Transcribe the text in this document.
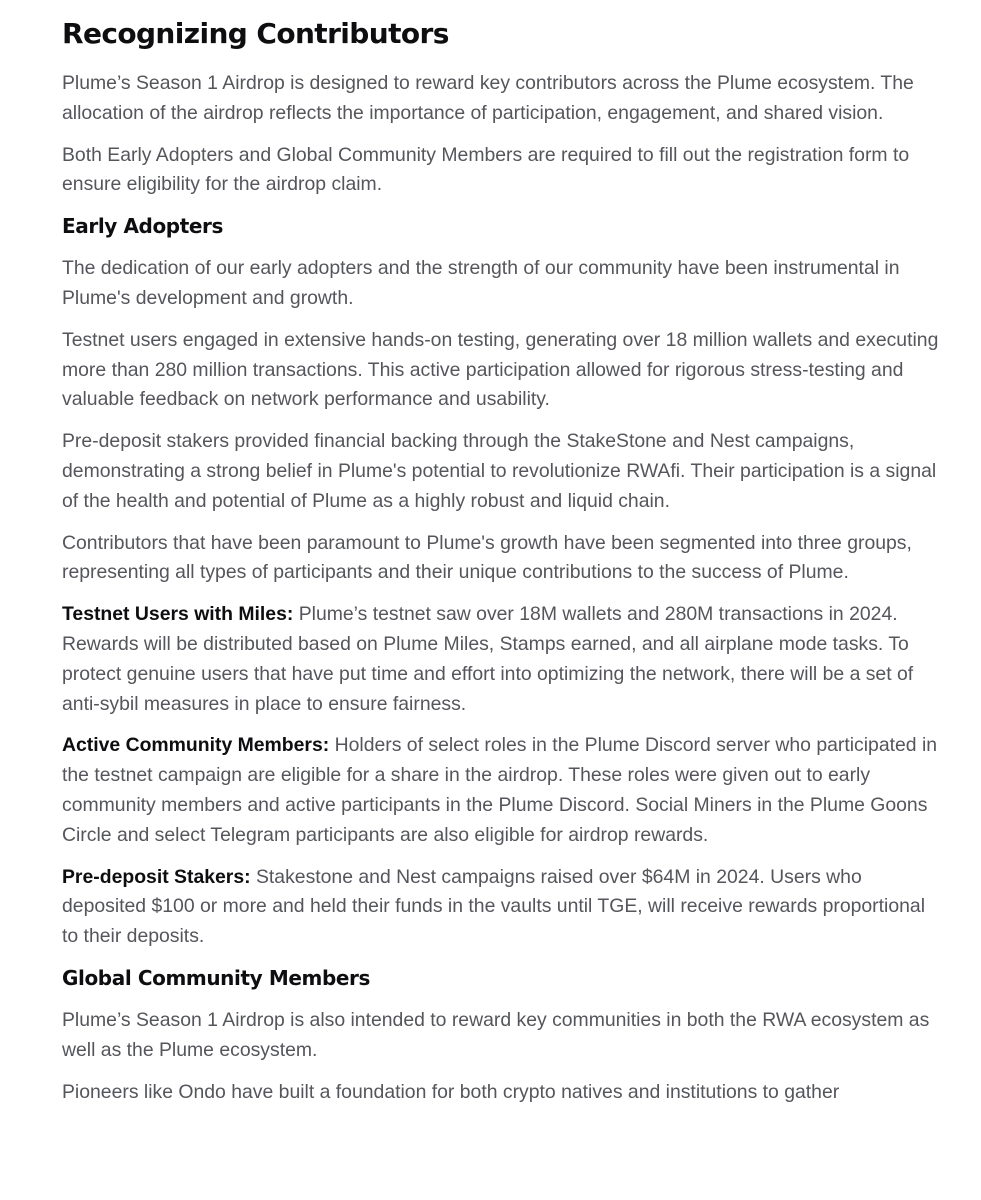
Recognizing Contributors

Plume’s Season 1 Airdrop is designed to reward key contributors across the Plume ecosystem. The allocation of the airdrop reflects the importance of participation, engagement, and shared vision.

Both Early Adopters and Global Community Members are required to fill out the registration form to ensure eligibility for the airdrop claim.

Early Adopters

The dedication of our early adopters and the strength of our community have been instrumental in Plume's development and growth.

Testnet users engaged in extensive hands-on testing, generating over 18 million wallets and executing more than 280 million transactions. This active participation allowed for rigorous stress-testing and valuable feedback on network performance and usability.

Pre-deposit stakers provided financial backing through the StakeStone and Nest campaigns, demonstrating a strong belief in Plume's potential to revolutionize RWAfi. Their participation is a signal of the health and potential of Plume as a highly robust and liquid chain.

Contributors that have been paramount to Plume's growth have been segmented into three groups, representing all types of participants and their unique contributions to the success of Plume.

Testnet Users with Miles: Plume’s testnet saw over 18M wallets and 280M transactions in 2024. Rewards will be distributed based on Plume Miles, Stamps earned, and all airplane mode tasks. To protect genuine users that have put time and effort into optimizing the network, there will be a set of anti-sybil measures in place to ensure fairness.

Active Community Members: Holders of select roles in the Plume Discord server who participated in the testnet campaign are eligible for a share in the airdrop. These roles were given out to early community members and active participants in the Plume Discord. Social Miners in the Plume Goons Circle and select Telegram participants are also eligible for airdrop rewards.

Pre-deposit Stakers: Stakestone and Nest campaigns raised over $64M in 2024. Users who deposited $100 or more and held their funds in the vaults until TGE, will receive rewards proportional to their deposits.

Global Community Members

Plume’s Season 1 Airdrop is also intended to reward key communities in both the RWA ecosystem as well as the Plume ecosystem.

Pioneers like Ondo have built a foundation for both crypto natives and institutions to gather
